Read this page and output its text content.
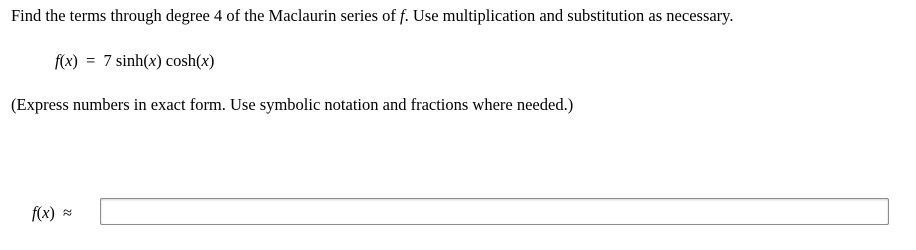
Find the terms through degree 4 of the Maclaurin series of f. Use multiplication and substitution as necessary.
f(x) = 7 sinh(x) cosh(x)
(Express numbers in exact form. Use symbolic notation and fractions where needed.)
f(x) ≈
